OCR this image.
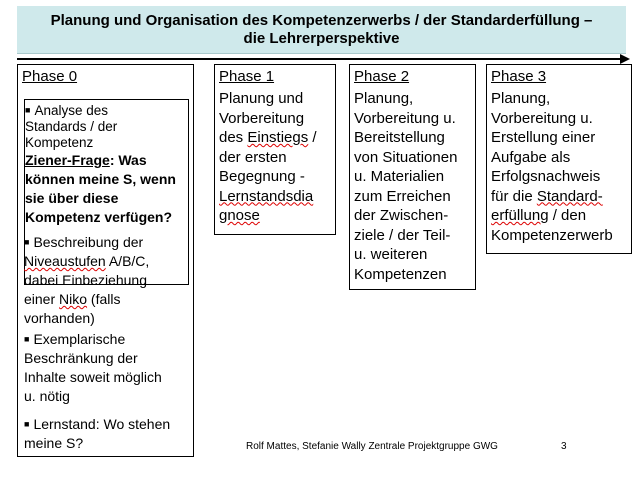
Planung und Organisation des Kompetenzerwerbs / der Standarderfüllung –
die Lehrerperspektive
Phase 0
■ Analyse des
Standards / der
Kompetenz
Ziener-Frage: Was
können meine S, wenn
sie über diese
Kompetenz verfügen?
■ Beschreibung der
Niveaustufen A/B/C,
dabei Einbeziehung
einer Niko (falls
vorhanden)
■ Exemplarische
Beschränkung der
Inhalte soweit möglich
u. nötig
■ Lernstand: Wo stehen
meine S?
Phase 1
Planung und
Vorbereitung
des Einstiegs /
der ersten
Begegnung -
Lernstandsdia
gnose
Phase 2
Planung,
Vorbereitung u.
Bereitstellung
von Situationen
u. Materialien
zum Erreichen
der Zwischen-
ziele / der Teil-
u. weiteren
Kompetenzen
Phase 3
Planung,
Vorbereitung u.
Erstellung einer
Aufgabe als
Erfolgsnachweis
für die Standard-
erfüllung / den
Kompetenzerwerb
Rolf Mattes, Stefanie Wally Zentrale Projektgruppe GWG	3
